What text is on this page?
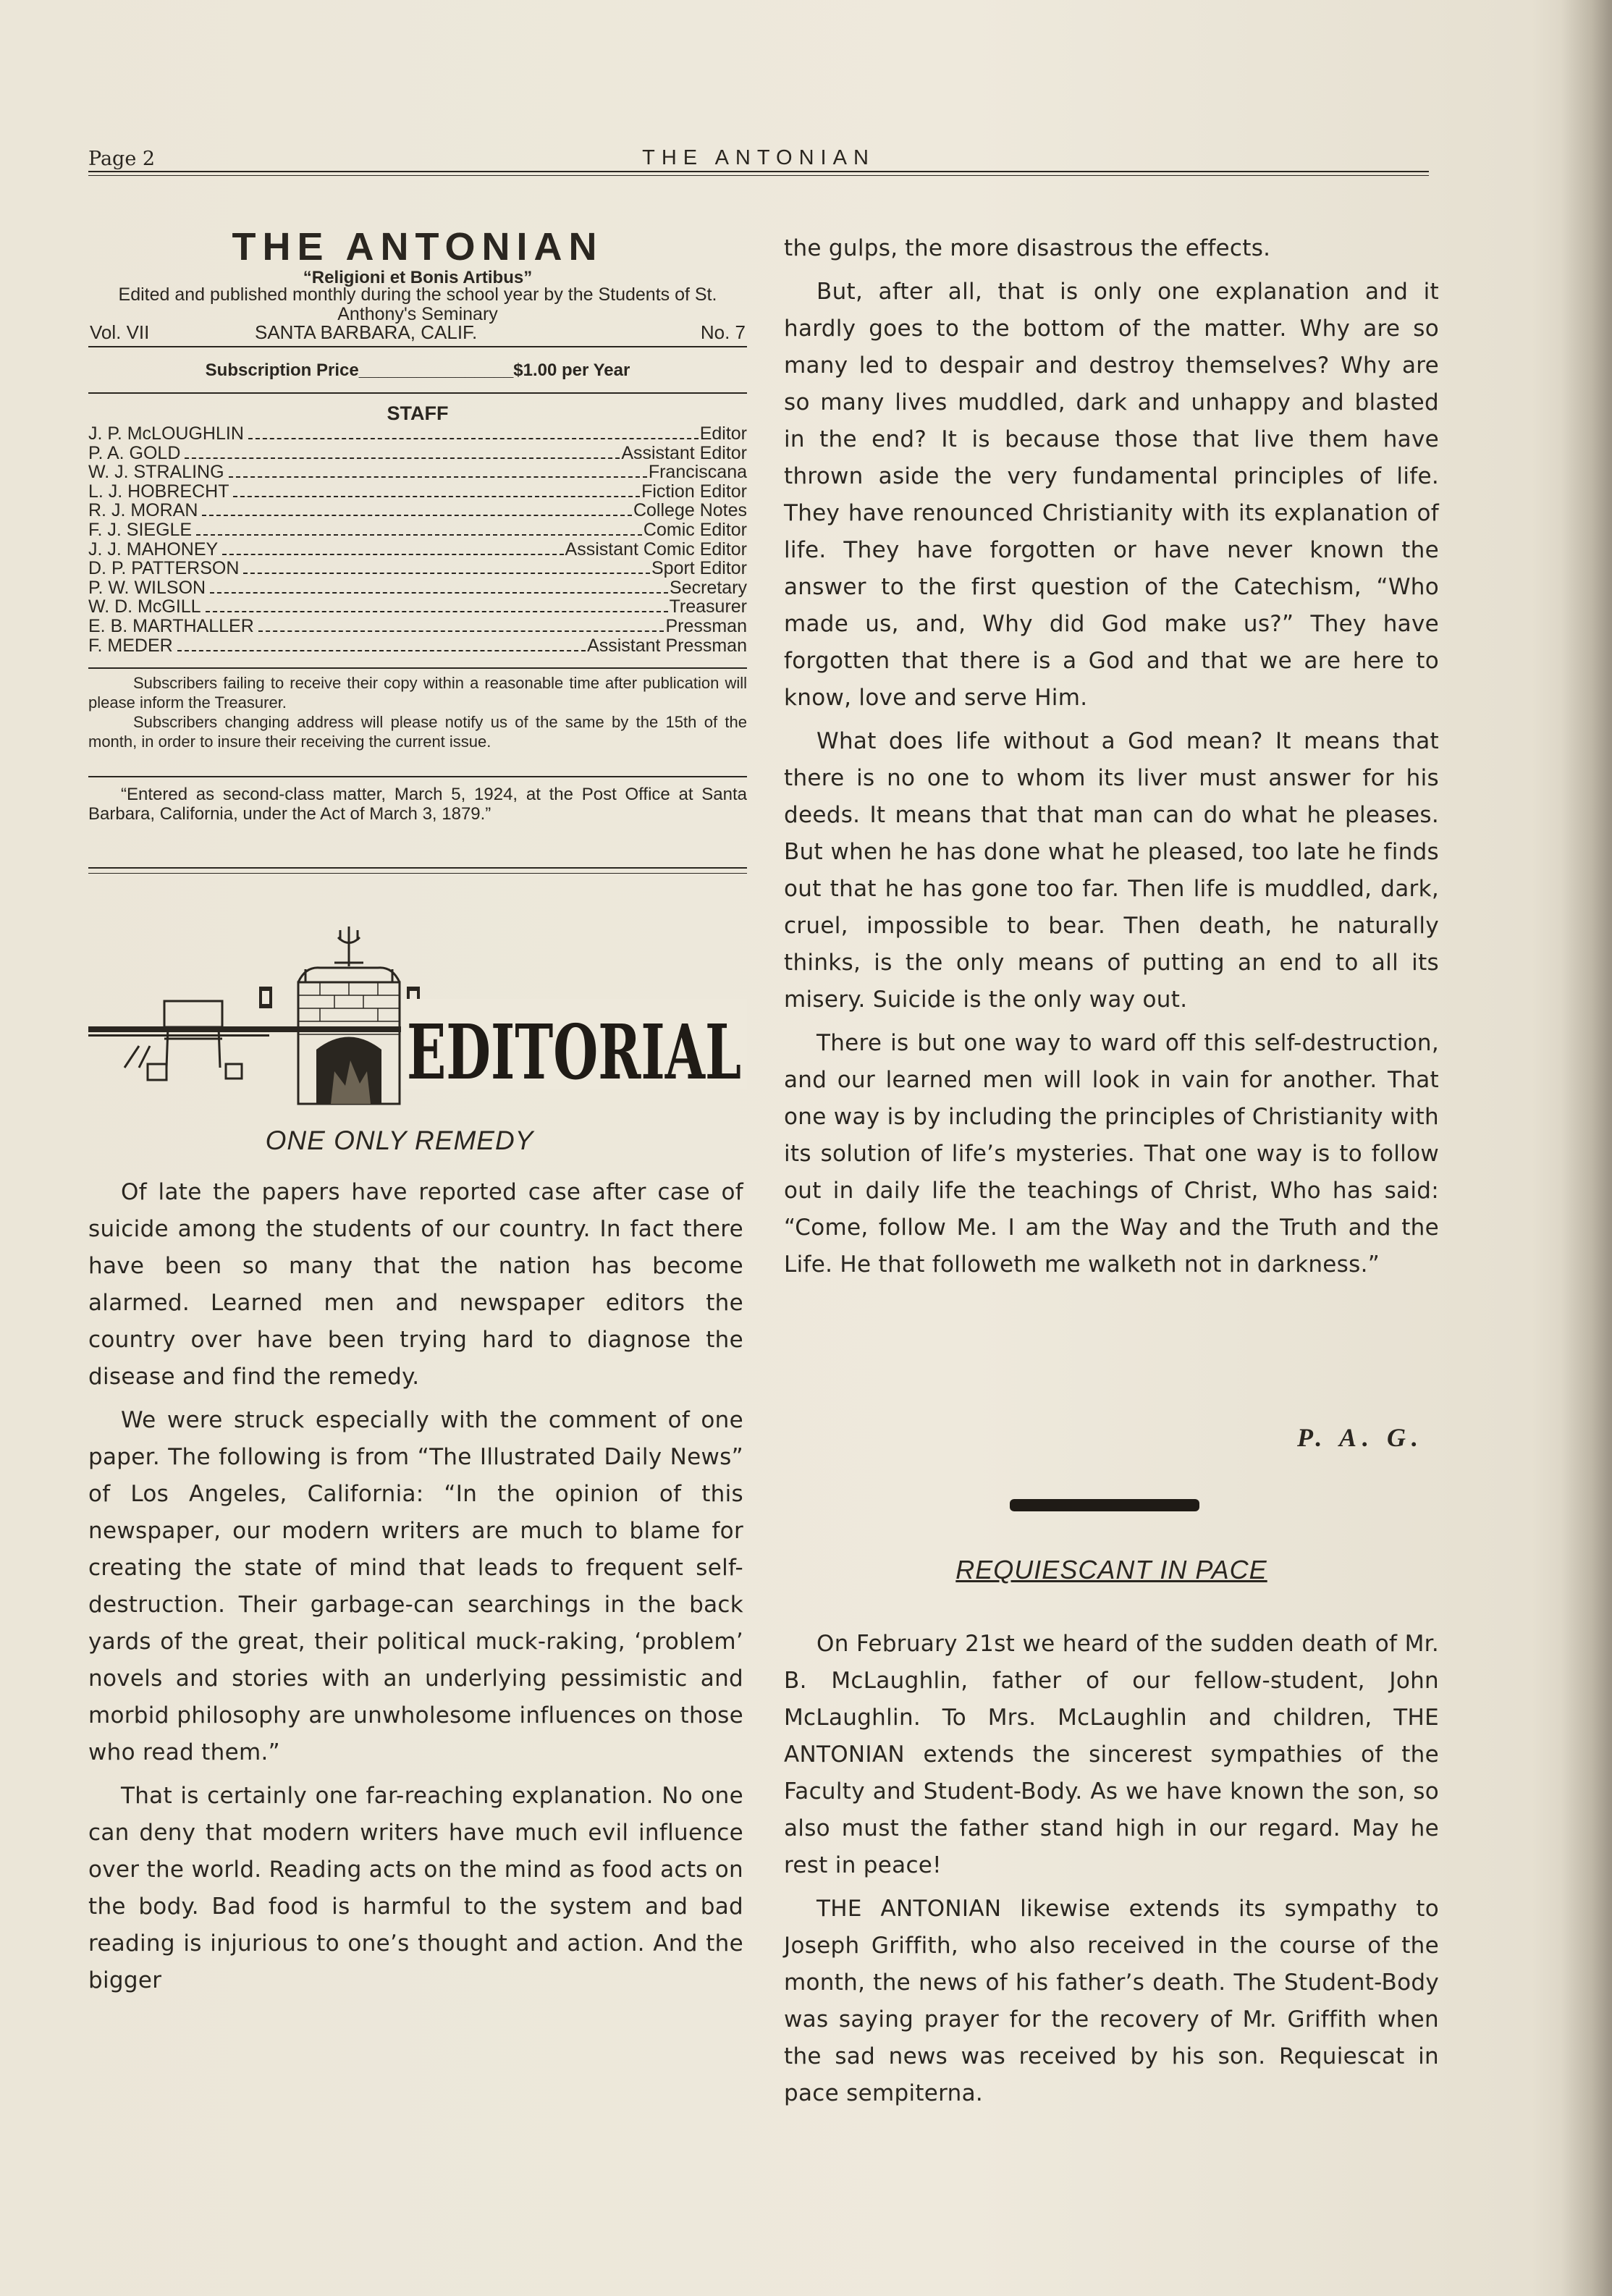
Page 2	THE ANTONIAN
THE ANTONIAN
“Religioni et Bonis Artibus”
Edited and published monthly during the school year by the Students of St. Anthony's Seminary
Vol. VII	SANTA BARBARA, CALIF.	No. 7
Subscription Price________________$1.00 per Year
STAFF
J. P. McLOUGHLIN	Editor
P. A. GOLD	Assistant Editor
W. J. STRALING	Franciscana
L. J. HOBRECHT	Fiction Editor
R. J. MORAN	College Notes
F. J. SIEGLE	Comic Editor
J. J. MAHONEY	Assistant Comic Editor
D. P. PATTERSON	Sport Editor
P. W. WILSON	Secretary
W. D. McGILL	Treasurer
E. B. MARTHALLER	Pressman
F. MEDER	Assistant Pressman

Subscribers failing to receive their copy within a reasonable time after publication will please inform the Treasurer.

Subscribers changing address will please notify us of the same by the 15th of the month, in order to insure their receiving the current issue.

“Entered as second-class matter, March 5, 1924, at the Post Office at Santa Barbara, California, under the Act of March 3, 1879.”

EDITORIAL
ONE ONLY REMEDY

Of late the papers have reported case after case of suicide among the students of our country. In fact there have been so many that the nation has become alarmed. Learned men and newspaper editors the country over have been trying hard to diagnose the disease and find the remedy.

We were struck especially with the comment of one paper. The following is from “The Illustrated Daily News” of Los Angeles, California: “In the opinion of this newspaper, our modern writers are much to blame for creating the state of mind that leads to frequent self-destruction. Their garbage-can searchings in the back yards of the great, their political muck-raking, ‘problem’ novels and stories with an underlying pessimistic and morbid philosophy are unwholesome influences on those who read them.”

That is certainly one far-reaching explanation. No one can deny that modern writers have much evil influence over the world. Reading acts on the mind as food acts on the body. Bad food is harmful to the system and bad reading is injurious to one’s thought and action. And the bigger

the gulps, the more disastrous the effects.

But, after all, that is only one explanation and it hardly goes to the bottom of the matter. Why are so many led to despair and destroy themselves? Why are so many lives muddled, dark and unhappy and blasted in the end? It is because those that live them have thrown aside the very fundamental principles of life. They have renounced Christianity with its explanation of life. They have forgotten or have never known the answer to the first question of the Catechism, “Who made us, and, Why did God make us?” They have forgotten that there is a God and that we are here to know, love and serve Him.

What does life without a God mean? It means that there is no one to whom its liver must answer for his deeds. It means that that man can do what he pleases. But when he has done what he pleased, too late he finds out that he has gone too far. Then life is muddled, dark, cruel, impossible to bear. Then death, he naturally thinks, is the only means of putting an end to all its misery. Suicide is the only way out.

There is but one way to ward off this self-destruction, and our learned men will look in vain for another. That one way is by including the principles of Christianity with its solution of life’s mysteries. That one way is to follow out in daily life the teachings of Christ, Who has said: “Come, follow Me. I am the Way and the Truth and the Life. He that followeth me walketh not in darkness.”

P. A. G.
REQUIESCANT IN PACE

On February 21st we heard of the sudden death of Mr. B. McLaughlin, father of our fellow-student, John McLaughlin. To Mrs. McLaughlin and children, THE ANTONIAN extends the sincerest sympathies of the Faculty and Student-Body. As we have known the son, so also must the father stand high in our regard. May he rest in peace!

THE ANTONIAN likewise extends its sympathy to Joseph Griffith, who also received in the course of the month, the news of his father’s death. The Student-Body was saying prayer for the recovery of Mr. Griffith when the sad news was received by his son. Requiescat in pace sempiterna.
